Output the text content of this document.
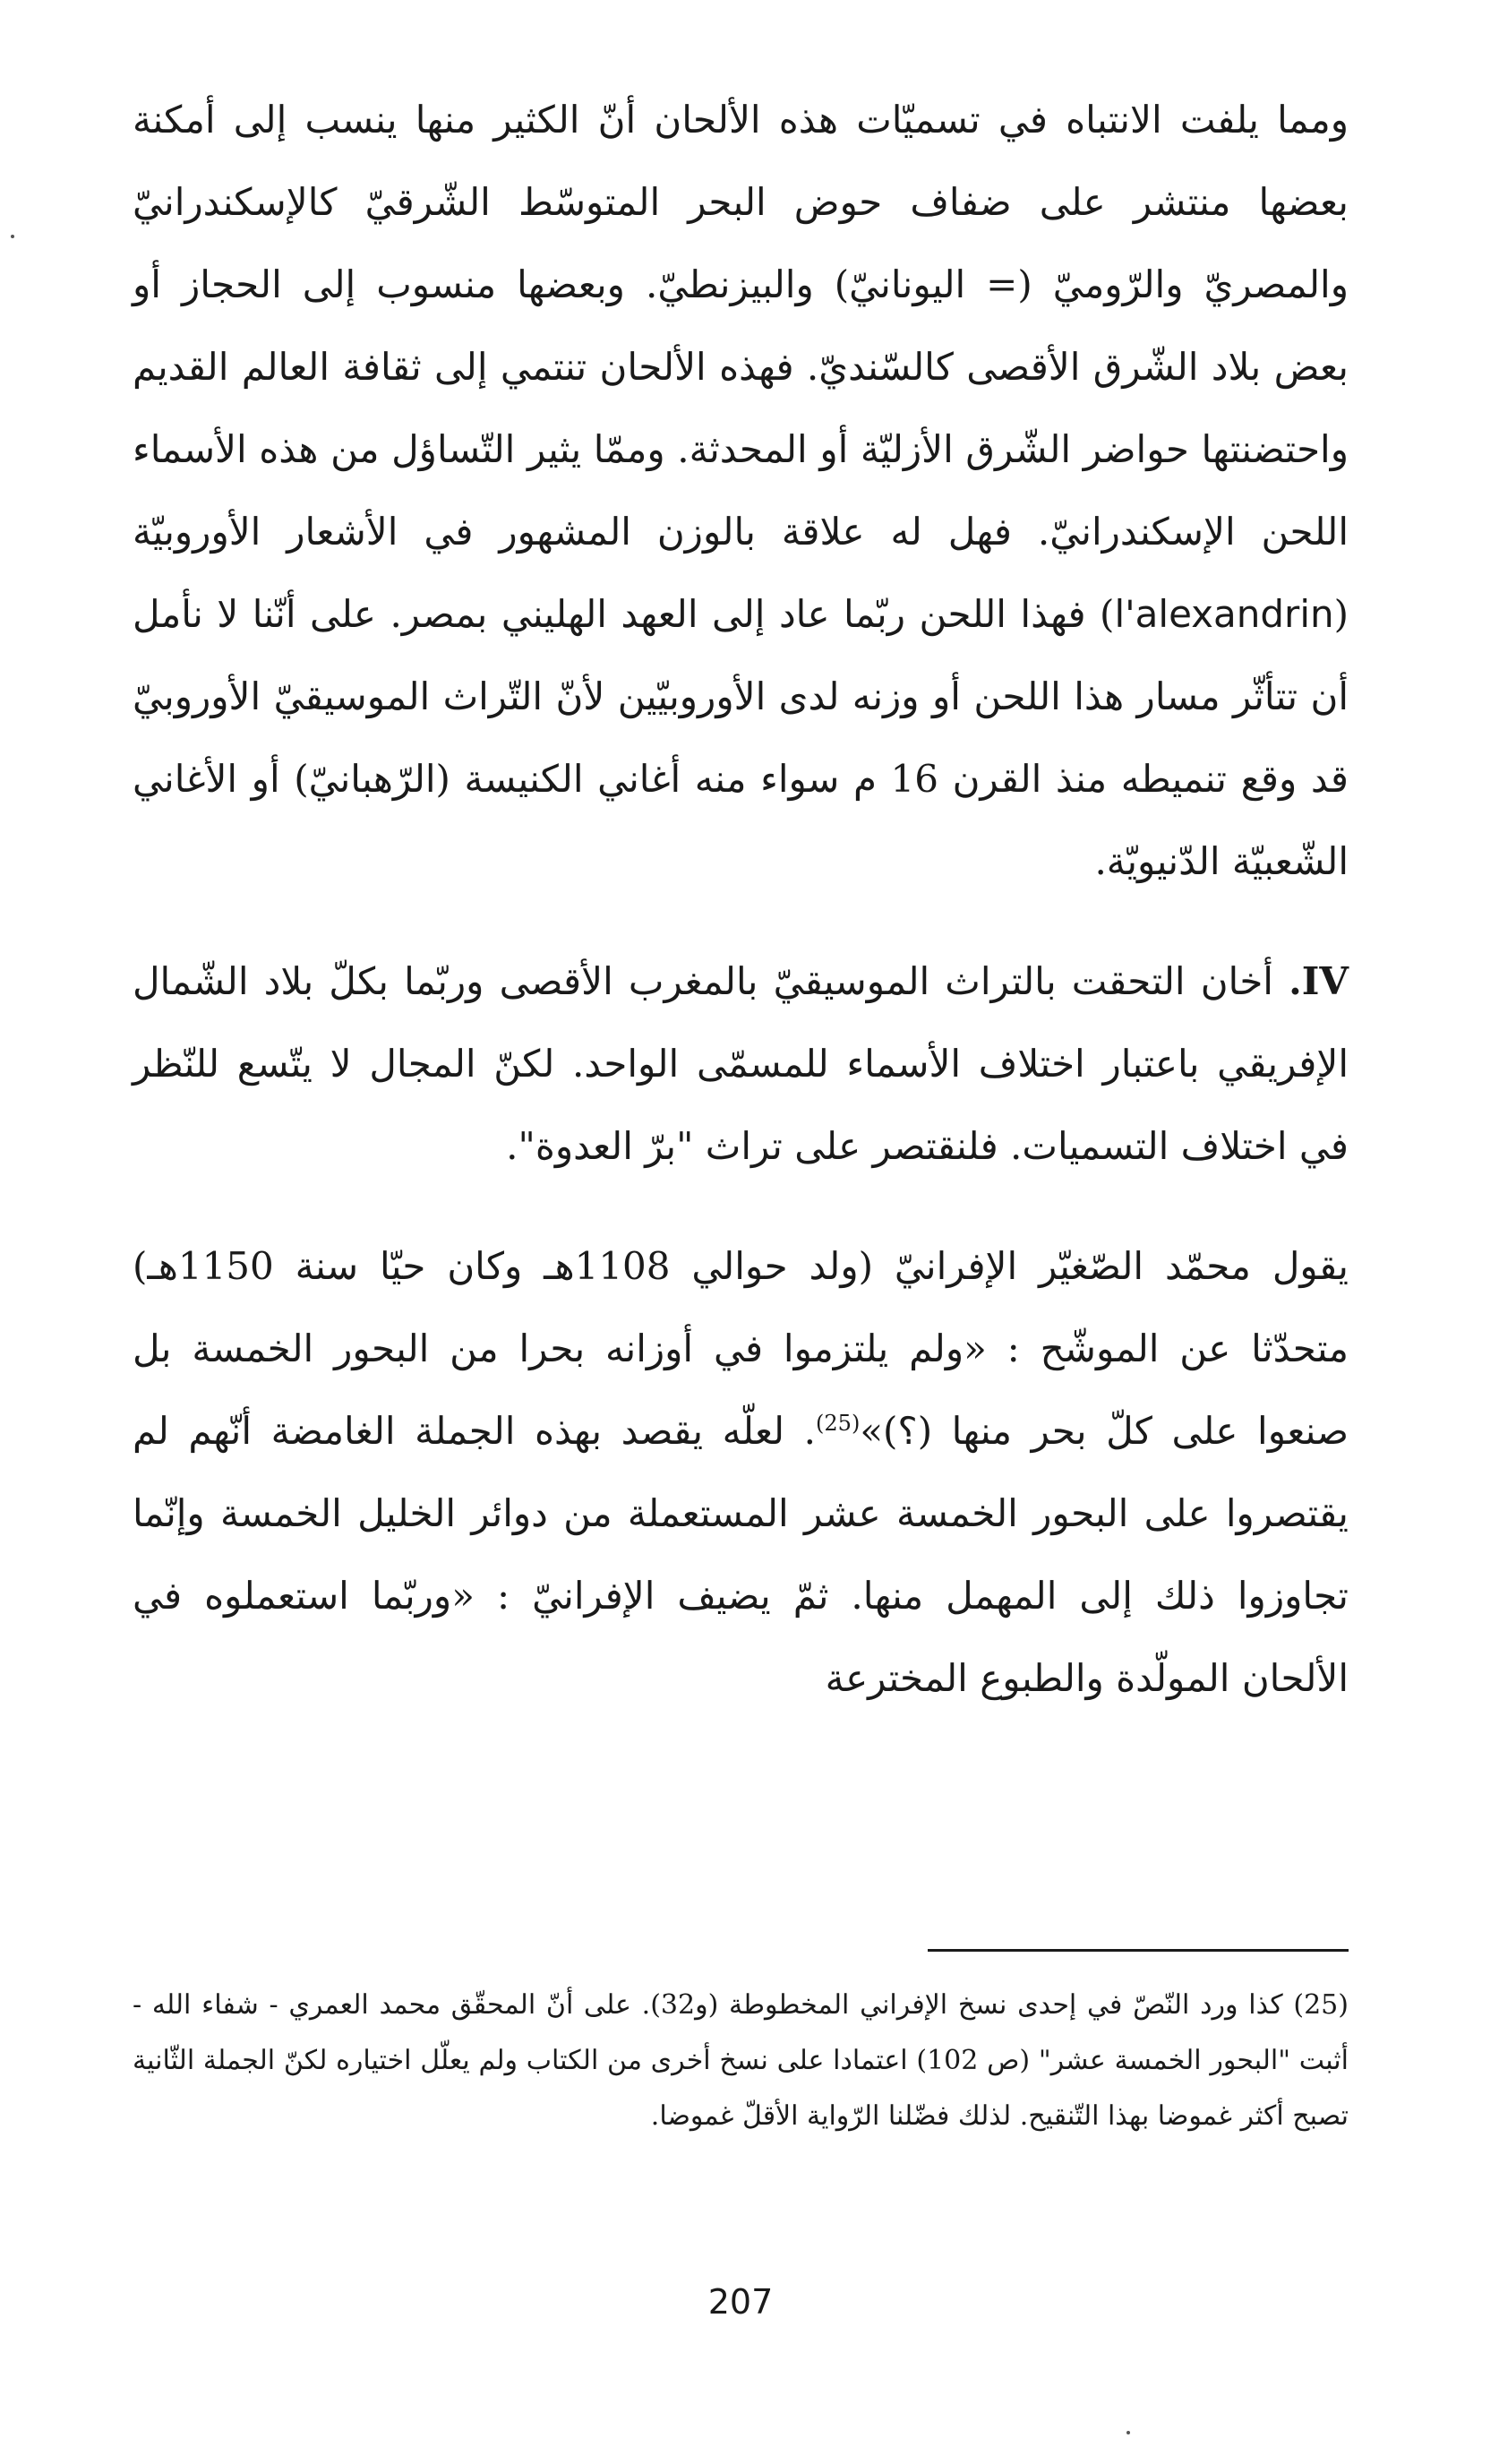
ومما يلفت الانتباه في تسميّات هذه الألحان أنّ الكثير منها ينسب إلى أمكنة بعضها منتشر على ضفاف حوض البحر المتوسّط الشّرقيّ كالإسكندرانيّ والمصريّ والرّوميّ (= اليونانيّ) والبيزنطيّ. وبعضها منسوب إلى الحجاز أو بعض بلاد الشّرق الأقصى كالسّنديّ. فهذه الألحان تنتمي إلى ثقافة العالم القديم واحتضنتها حواضر الشّرق الأزليّة أو المحدثة. وممّا يثير التّساؤل من هذه الأسماء اللحن الإسكندرانيّ. فهل له علاقة بالوزن المشهور في الأشعار الأوروبيّة (l'alexandrin) فهذا اللحن ربّما عاد إلى العهد الهليني بمصر. على أنّنا لا نأمل أن تتأثّر مسار هذا اللحن أو وزنه لدى الأوروبيّين لأنّ التّراث الموسيقيّ الأوروبيّ قد وقع تنميطه منذ القرن 16 م سواء منه أغاني الكنيسة (الرّهبانيّ) أو الأغاني الشّعبيّة الدّنيويّة.

IV. أخان التحقت بالتراث الموسيقيّ بالمغرب الأقصى وربّما بكلّ بلاد الشّمال الإفريقي باعتبار اختلاف الأسماء للمسمّى الواحد. لكنّ المجال لا يتّسع للنّظر في اختلاف التسميات. فلنقتصر على تراث "برّ العدوة".

يقول محمّد الصّغيّر الإفرانيّ (ولد حوالي 1108هـ وكان حيّا سنة 1150هـ) متحدّثا عن الموشّح : «ولم يلتزموا في أوزانه بحرا من البحور الخمسة بل صنعوا على كلّ بحر منها (؟)»$^{(25)}$. لعلّه يقصد بهذه الجملة الغامضة أنّهم لم يقتصروا على البحور الخمسة عشر المستعملة من دوائر الخليل الخمسة وإنّما تجاوزوا ذلك إلى المهمل منها. ثمّ يضيف الإفرانيّ : «وربّما استعملوه في الألحان المولّدة والطبوع المخترعة

(25) كذا ورد النّصّ في إحدى نسخ الإفراني المخطوطة (و32). على أنّ المحقّق محمد العمري - شفاء الله - أثبت "البحور الخمسة عشر" (ص 102) اعتمادا على نسخ أخرى من الكتاب ولم يعلّل اختياره لكنّ الجملة الثّانية تصبح أكثر غموضا بهذا التّنقيح. لذلك فضّلنا الرّواية الأقلّ غموضا.

207
